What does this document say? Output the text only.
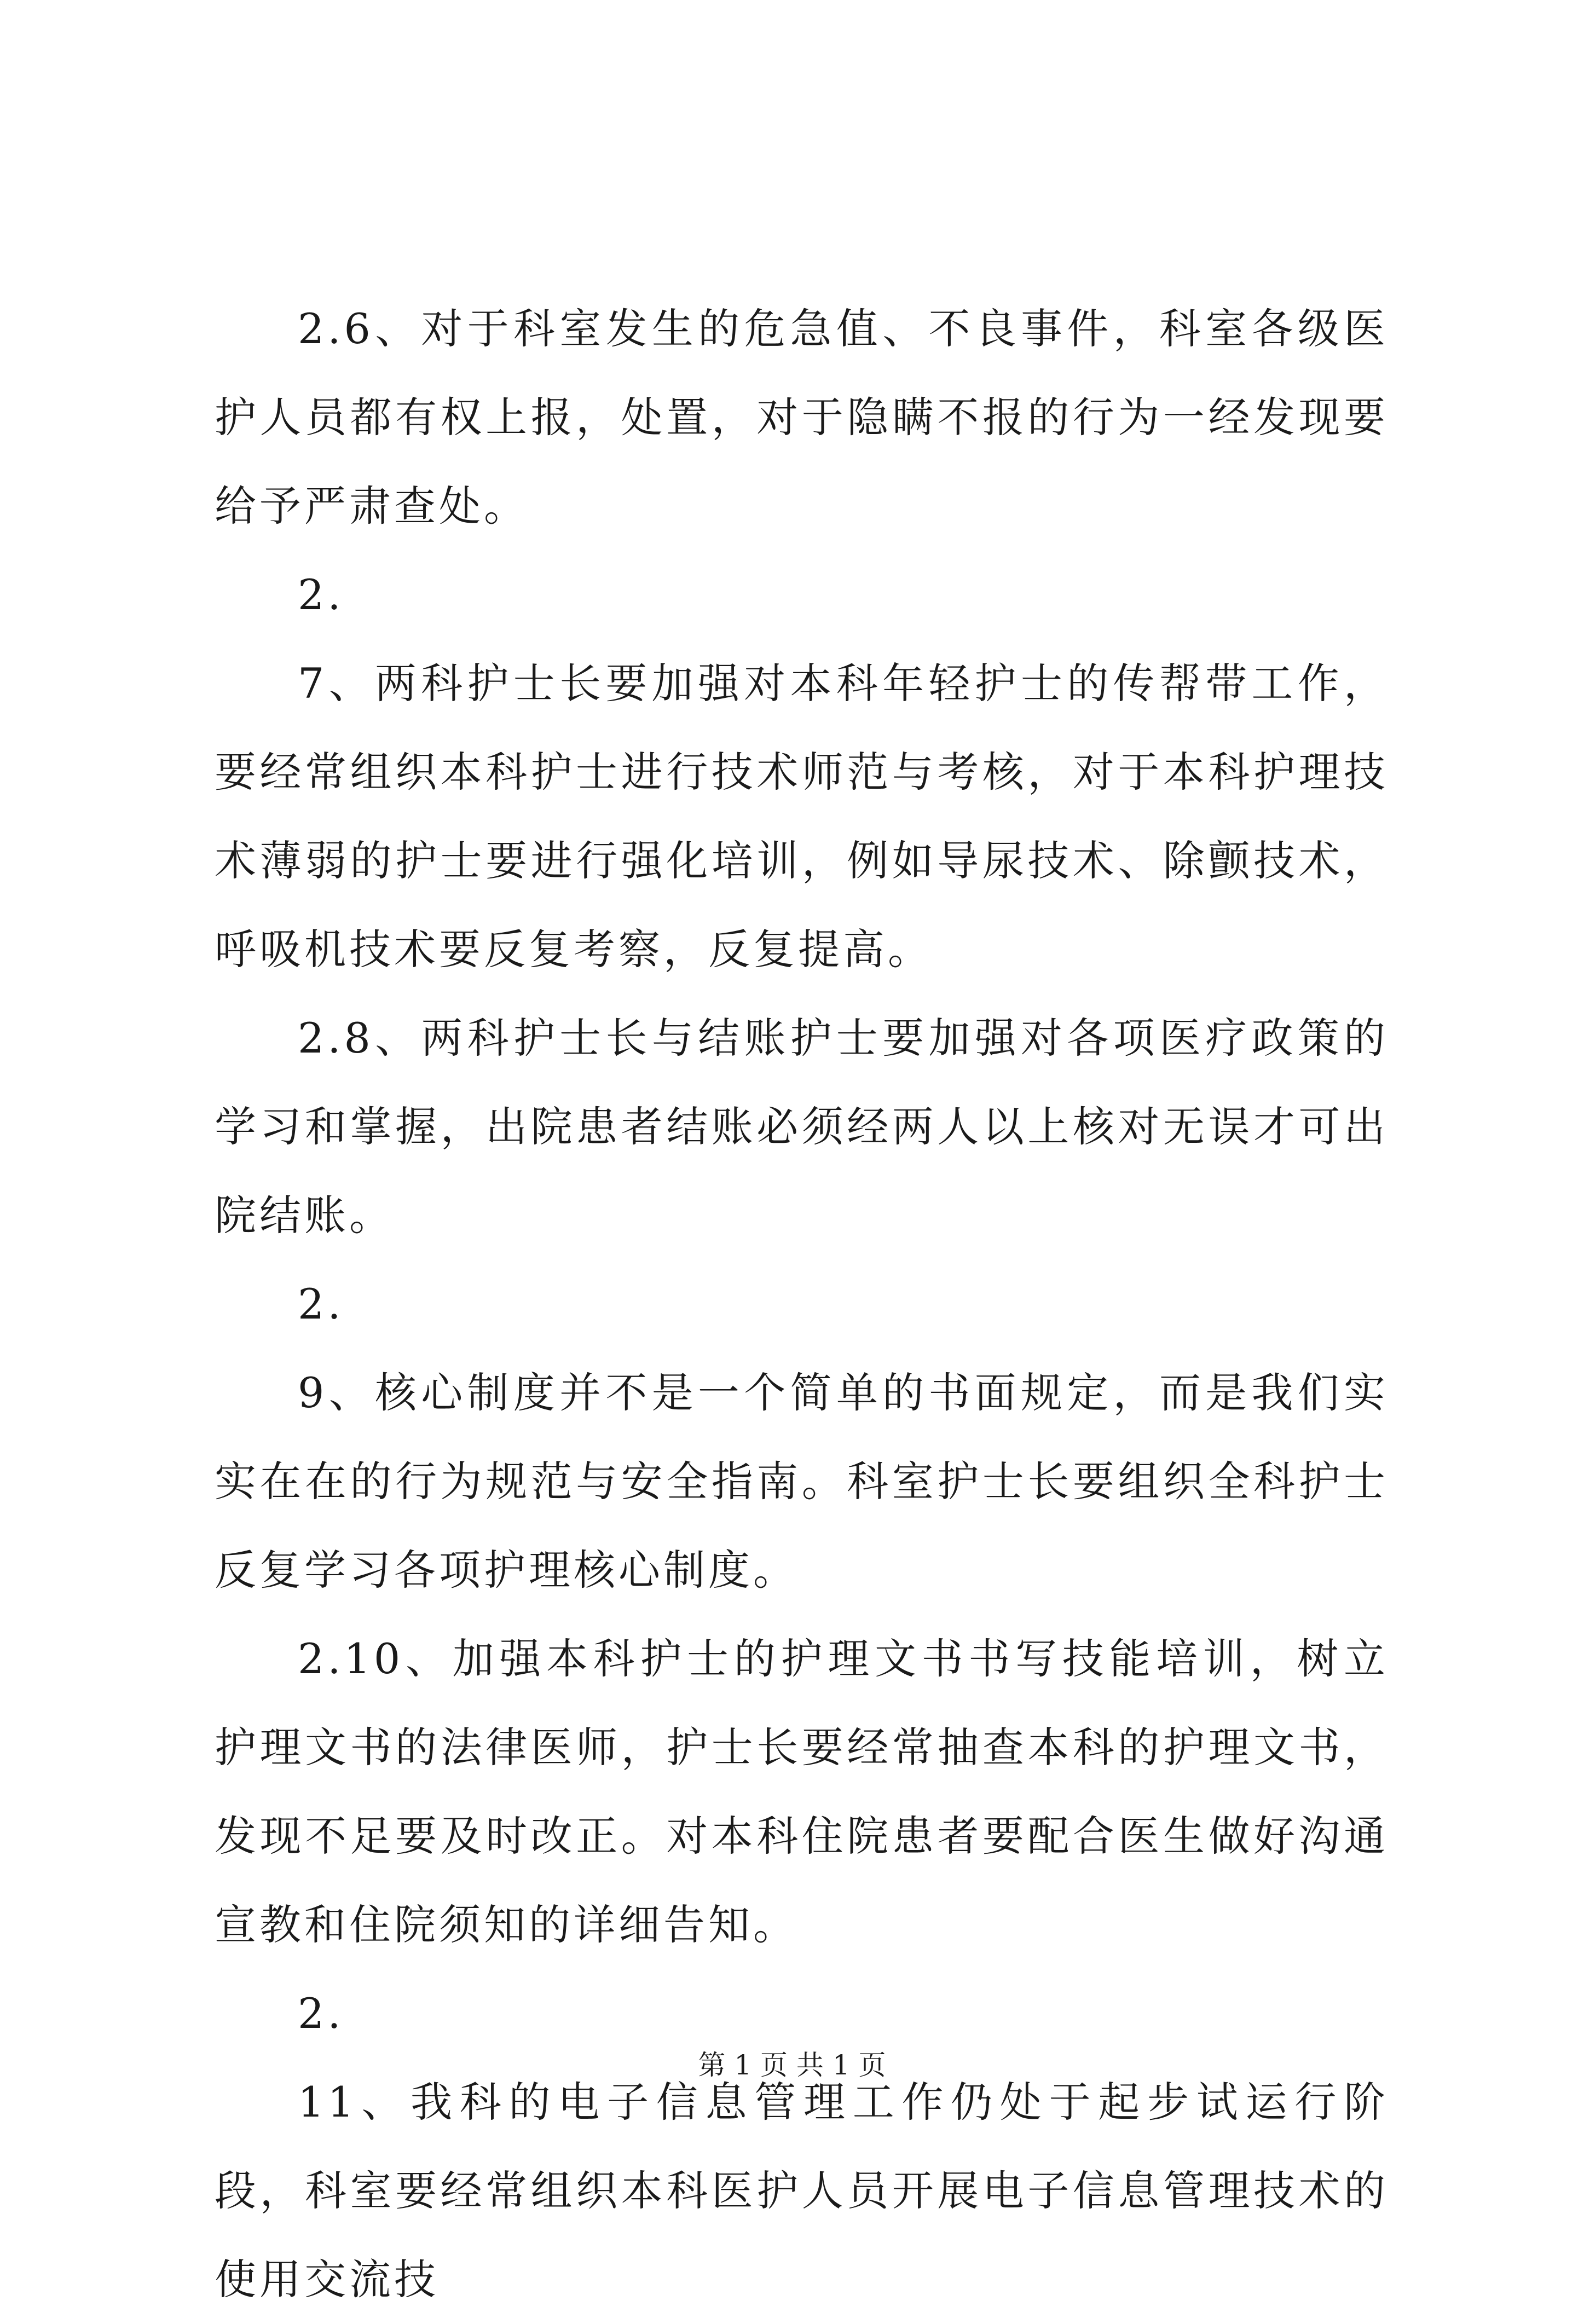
2.6、对于科室发生的危急值、不良事件，科室各级医护人员都有权上报，处置，对于隐瞒不报的行为一经发现要给予严肃查处。

2.

7、两科护士长要加强对本科年轻护士的传帮带工作，要经常组织本科护士进行技术师范与考核，对于本科护理技术薄弱的护士要进行强化培训，例如导尿技术、除颤技术，呼吸机技术要反复考察，反复提高。

2.8、两科护士长与结账护士要加强对各项医疗政策的学习和掌握，出院患者结账必须经两人以上核对无误才可出院结账。

2.

9、核心制度并不是一个简单的书面规定，而是我们实实在在的行为规范与安全指南。科室护士长要组织全科护士反复学习各项护理核心制度。

2.10、加强本科护士的护理文书书写技能培训，树立护理文书的法律医师，护士长要经常抽查本科的护理文书，发现不足要及时改正。对本科住院患者要配合医生做好沟通宣教和住院须知的详细告知。

2.

11、我科的电子信息管理工作仍处于起步试运行阶段，科室要经常组织本科医护人员开展电子信息管理技术的使用交流技

第 1 页 共 1 页
